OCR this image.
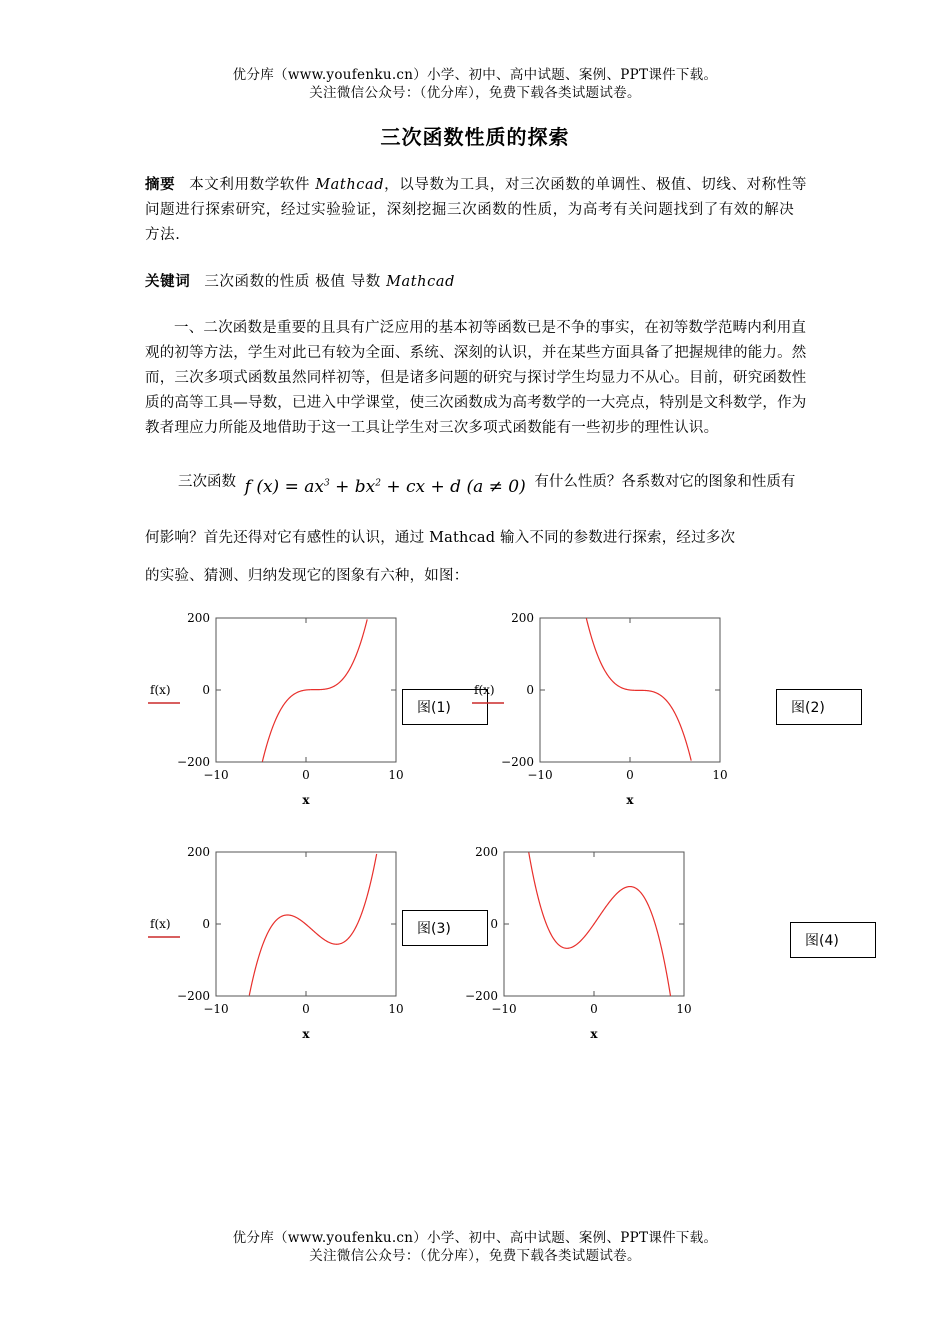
优分库（www.youfenku.cn）小学、初中、高中试题、案例、PPT课件下载。
关注微信公众号：（优分库），免费下载各类试题试卷。
三次函数性质的探索
摘要 本文利用数学软件 Mathcad，以导数为工具，对三次函数的单调性、极值、切线、对称性等问题进行探索研究，经过实验验证，深刻挖掘三次函数的性质，为高考有关问题找到了有效的解决方法.
关键词 三次函数的性质 极值 导数 Mathcad
一、二次函数是重要的且具有广泛应用的基本初等函数已是不争的事实，在初等数学范畴内利用直观的初等方法，学生对此已有较为全面、系统、深刻的认识，并在某些方面具备了把握规律的能力。然而，三次多项式函数虽然同样初等，但是诸多问题的研究与探讨学生均显力不从心。目前，研究函数性质的高等工具—导数，已进入中学课堂，使三次函数成为高考数学的一大亮点，特别是文科数学，作为教者理应力所能及地借助于这一工具让学生对三次多项式函数能有一些初步的理性认识。
三次函数 f $(x) = ax^3 + bx^2$ + cx + d (a ≠ 0) 有什么性质？各系数对它的图象和性质有
何影响？首先还得对它有感性的认识，通过 Mathcad 输入不同的参数进行探索，经过多次
的实验、猜测、归纳发现它的图象有六种，如图：
200
0
−200
−10	0	10
x
f(x)
图(1)
200
0
−200
−10	0	10
x
f(x)
图(2)
200
0
−200
−10	0	10
x
f(x)	图(3)
200
0
−200
−10	0	10
x
图(4)
优分库（www.youfenku.cn）小学、初中、高中试题、案例、PPT课件下载。
关注微信公众号：（优分库），免费下载各类试题试卷。
